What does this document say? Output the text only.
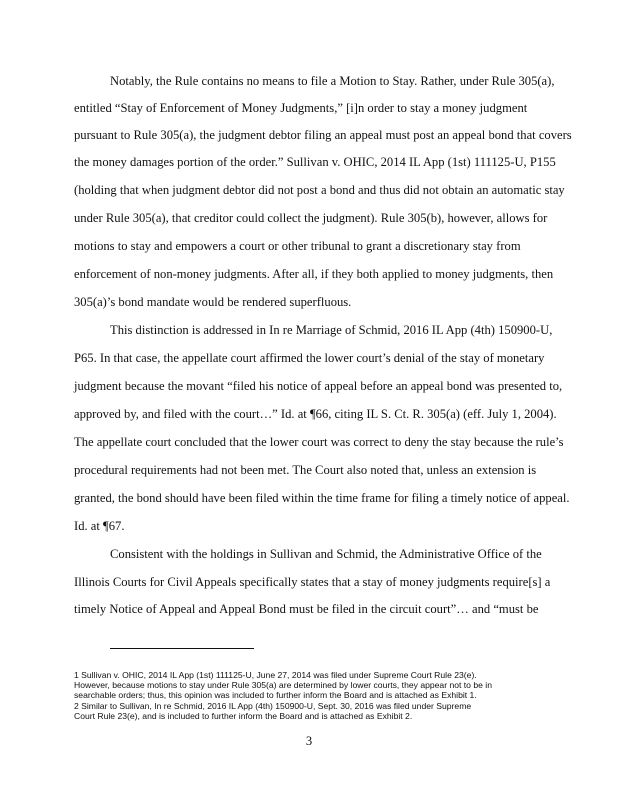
Notably, the Rule contains no means to file a Motion to Stay. Rather, under Rule 305(a),
entitled “Stay of Enforcement of Money Judgments,” [i]n order to stay a money judgment
pursuant to Rule 305(a), the judgment debtor filing an appeal must post an appeal bond that covers
the money damages portion of the order.” Sullivan v. OHIC, 2014 IL App (1st) 111125-U, P155
(holding that when judgment debtor did not post a bond and thus did not obtain an automatic stay
under Rule 305(a), that creditor could collect the judgment). Rule 305(b), however, allows for
motions to stay and empowers a court or other tribunal to grant a discretionary stay from
enforcement of non-money judgments. After all, if they both applied to money judgments, then
305(a)’s bond mandate would be rendered superfluous.
This distinction is addressed in In re Marriage of Schmid, 2016 IL App (4th) 150900-U,
P65. In that case, the appellate court affirmed the lower court’s denial of the stay of monetary
judgment because the movant “filed his notice of appeal before an appeal bond was presented to,
approved by, and filed with the court…” Id. at ¶66, citing IL S. Ct. R. 305(a) (eff. July 1, 2004).
The appellate court concluded that the lower court was correct to deny the stay because the rule’s
procedural requirements had not been met. The Court also noted that, unless an extension is
granted, the bond should have been filed within the time frame for filing a timely notice of appeal.
Id. at ¶67.
Consistent with the holdings in Sullivan and Schmid, the Administrative Office of the
Illinois Courts for Civil Appeals specifically states that a stay of money judgments require[s] a
timely Notice of Appeal and Appeal Bond must be filed in the circuit court”… and “must be
1 Sullivan v. OHIC, 2014 IL App (1st) 111125-U, June 27, 2014 was filed under Supreme Court Rule 23(e).
However, because motions to stay under Rule 305(a) are determined by lower courts, they appear not to be in
searchable orders; thus, this opinion was included to further inform the Board and is attached as Exhibit 1.
2 Similar to Sullivan, In re Schmid, 2016 IL App (4th) 150900-U, Sept. 30, 2016 was filed under Supreme
Court Rule 23(e), and is included to further inform the Board and is attached as Exhibit 2.
3
